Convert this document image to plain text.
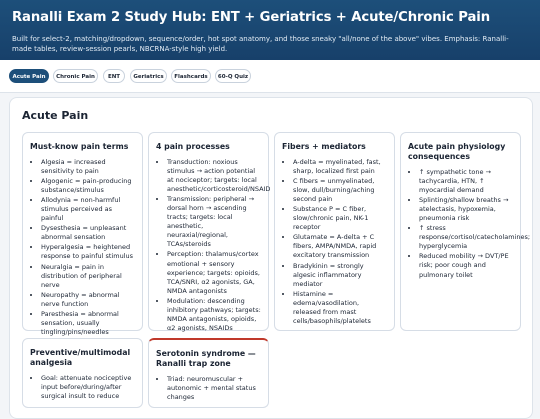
Ranalli Exam 2 Study Hub: ENT + Geriatrics + Acute/Chronic Pain

Built for select-2, matching/dropdown, sequence/order, hot spot anatomy, and those sneaky "all/none of the above" vibes. Emphasis: Ranalli-made tables, review-session pearls, NBCRNA-style high yield.

Acute Pain	Chronic Pain	ENT	Geriatrics	Flashcards	60-Q Quiz
Acute Pain
Must-know pain terms
• Algesia = increased sensitivity to pain
• Algogenic = pain-producing substance/stimulus
• Allodynia = non-harmful stimulus perceived as painful
• Dysesthesia = unpleasant abnormal sensation
• Hyperalgesia = heightened response to painful stimulus
• Neuralgia = pain in distribution of peripheral nerve
• Neuropathy = abnormal nerve function
• Paresthesia = abnormal sensation, usually tingling/pins/needles
4 pain processes
• Transduction: noxious stimulus → action potential at nociceptor; targets: local anesthetic/corticosteroid/NSAID
• Transmission: peripheral → dorsal horn → ascending tracts; targets: local anesthetic, neuraxial/regional, TCAs/steroids
• Perception: thalamus/cortex emotional + sensory experience; targets: opioids, TCA/SNRI, α2 agonists, GA, NMDA antagonists
• Modulation: descending inhibitory pathways; targets: NMDA antagonists, opioids, α2 agonists, NSAIDs
Fibers + mediators
• A-delta = myelinated, fast, sharp, localized first pain
• C fibers = unmyelinated, slow, dull/burning/aching second pain
• Substance P = C fiber, slow/chronic pain, NK-1 receptor
• Glutamate = A-delta + C fibers, AMPA/NMDA, rapid excitatory transmission
• Bradykinin = strongly algesic inflammatory mediator
• Histamine = edema/vasodilation, released from mast cells/basophils/platelets
Acute pain physiology consequences
• ↑ sympathetic tone → tachycardia, HTN, ↑ myocardial demand
• Splinting/shallow breaths → atelectasis, hypoxemia, pneumonia risk
• ↑ stress response/cortisol/catecholamines; hyperglycemia
• Reduced mobility → DVT/PE risk; poor cough and pulmonary toilet
Preventive/multimodal analgesia
• Goal: attenuate nociceptive input before/during/after surgical insult to reduce
Serotonin syndrome — Ranalli trap zone
• Triad: neuromuscular + autonomic + mental status changes
